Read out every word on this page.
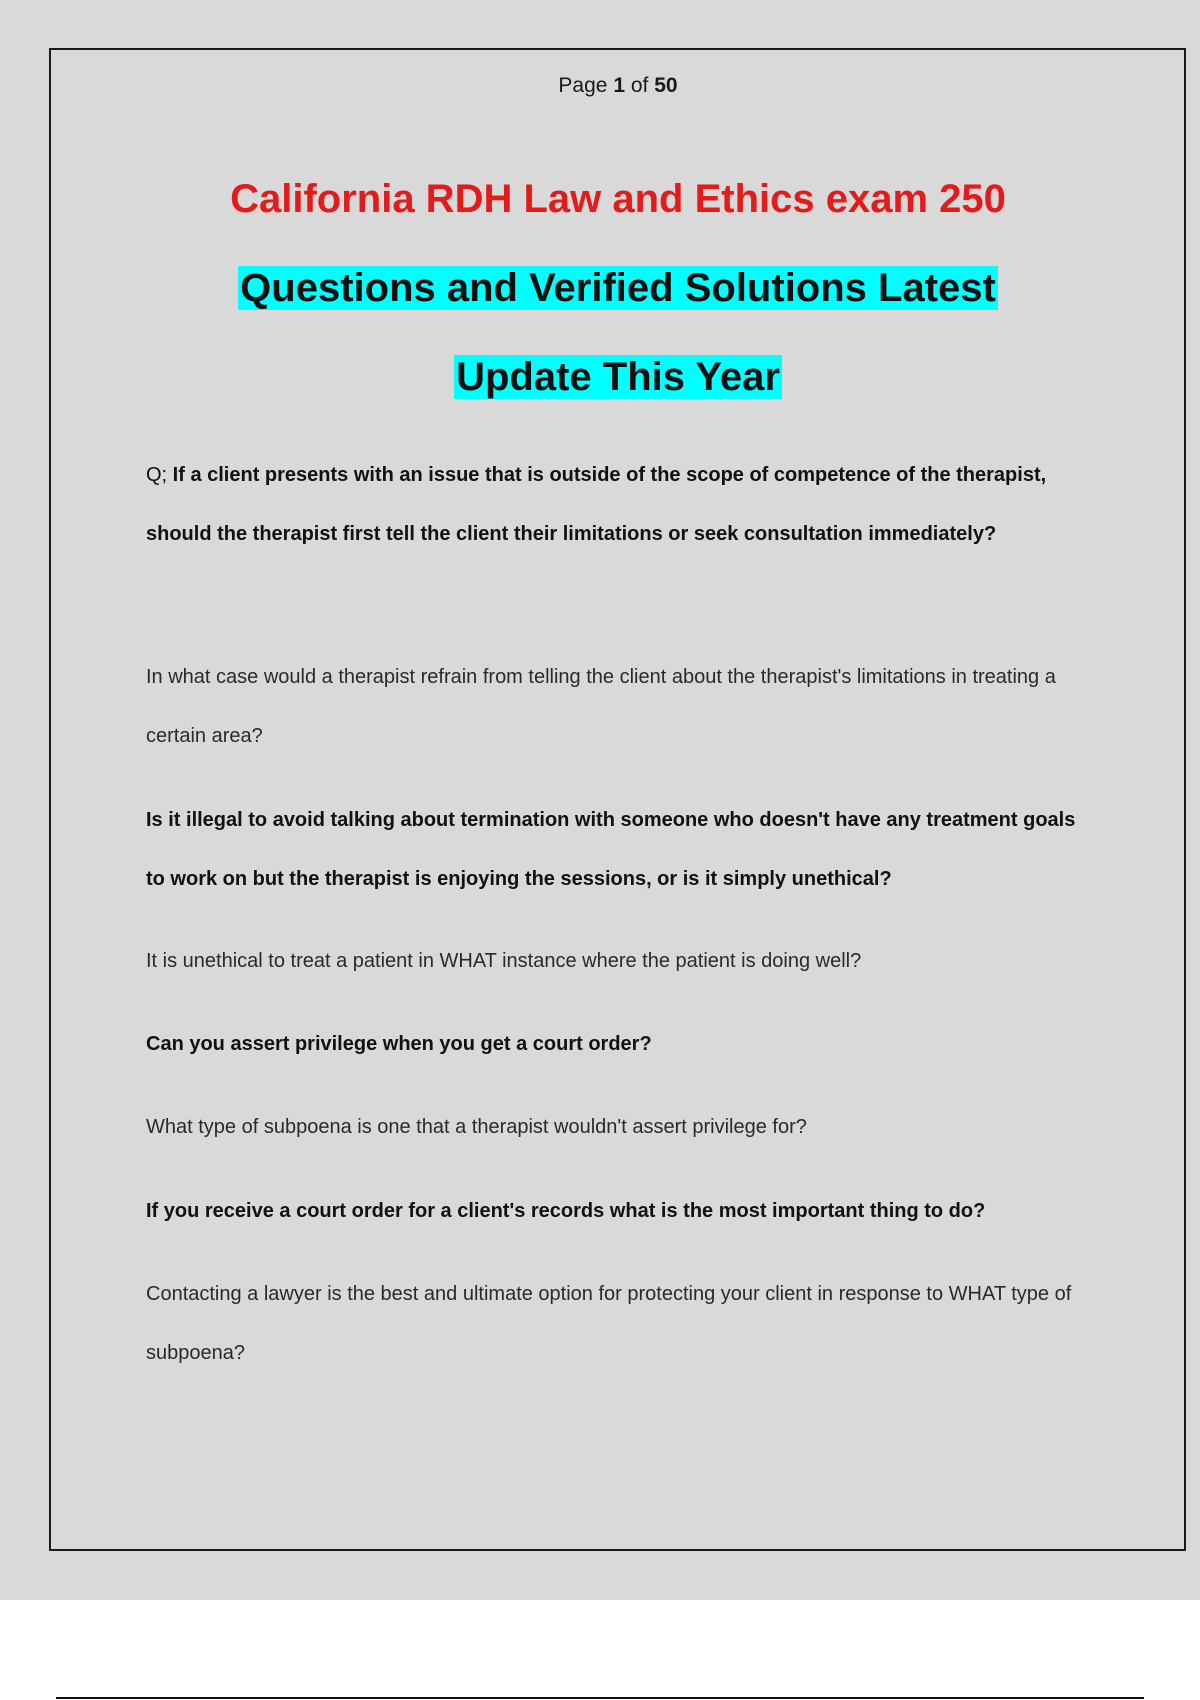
Page 1 of 50
California RDH Law and Ethics exam 250
Questions and Verified Solutions Latest
Update This Year
Q; If a client presents with an issue that is outside of the scope of competence of the therapist, should the therapist first tell the client their limitations or seek consultation immediately?
In what case would a therapist refrain from telling the client about the therapist's limitations in treating a certain area?
Is it illegal to avoid talking about termination with someone who doesn't have any treatment goals to work on but the therapist is enjoying the sessions, or is it simply unethical?
It is unethical to treat a patient in WHAT instance where the patient is doing well?
Can you assert privilege when you get a court order?
What type of subpoena is one that a therapist wouldn't assert privilege for?
If you receive a court order for a client's records what is the most important thing to do?
Contacting a lawyer is the best and ultimate option for protecting your client in response to WHAT type of subpoena?
